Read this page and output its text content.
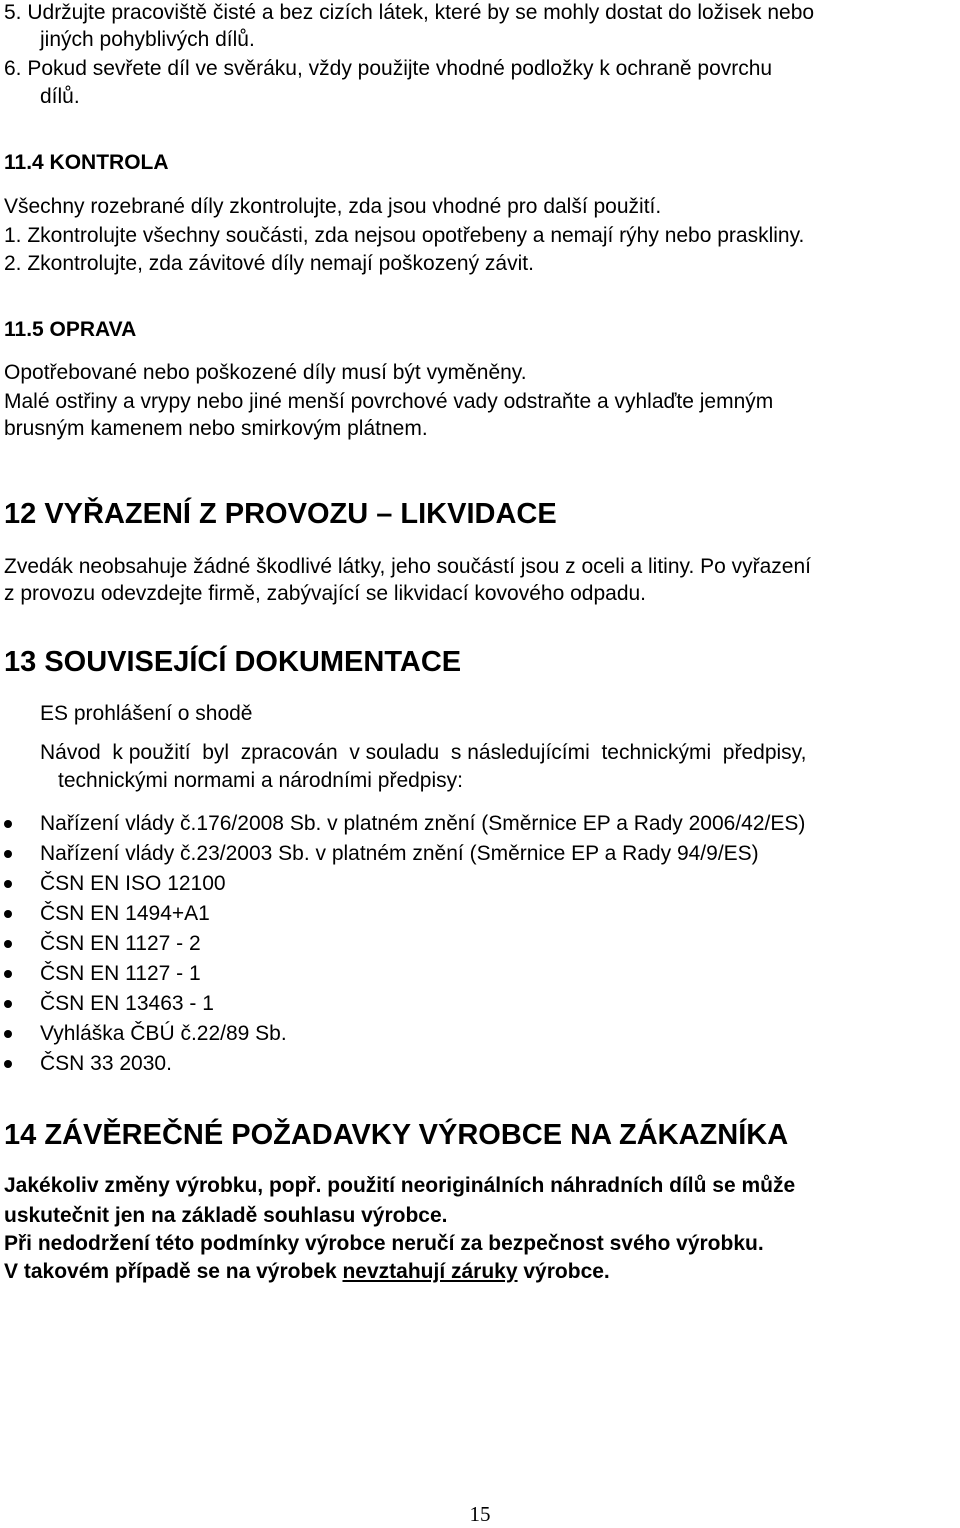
5. Udržujte pracoviště čisté a bez cizích látek, které by se mohly dostat do ložisek nebo
jiných pohyblivých dílů.
6. Pokud sevřete díl ve svěráku, vždy použijte vhodné podložky k ochraně povrchu
dílů.
11.4 KONTROLA
Všechny rozebrané díly zkontrolujte, zda jsou vhodné pro další použití.
1. Zkontrolujte všechny součásti, zda nejsou opotřebeny a nemají rýhy nebo praskliny.
2. Zkontrolujte, zda závitové díly nemají poškozený závit.
11.5 OPRAVA
Opotřebované nebo poškozené díly musí být vyměněny.
Malé ostřiny a vrypy nebo jiné menší povrchové vady odstraňte a vyhlaďte jemným
brusným kamenem nebo smirkovým plátnem.
12 VYŘAZENÍ Z PROVOZU – LIKVIDACE
Zvedák neobsahuje žádné škodlivé látky, jeho součástí jsou z oceli a litiny. Po vyřazení
z provozu odevzdejte firmě, zabývající se likvidací kovového odpadu.
13 SOUVISEJÍCÍ DOKUMENTACE
ES prohlášení o shodě
Návod  k použití  byl  zpracován  v souladu  s následujícími  technickými  předpisy,
technickými normami a národními předpisy:
Nařízení vlády č.176/2008 Sb. v platném znění (Směrnice EP a Rady 2006/42/ES)
Nařízení vlády č.23/2003 Sb. v platném znění (Směrnice EP a Rady 94/9/ES)
ČSN EN ISO 12100
ČSN EN 1494+A1
ČSN EN 1127 - 2
ČSN EN 1127 - 1
ČSN EN 13463 - 1
Vyhláška ČBÚ č.22/89 Sb.
ČSN 33 2030.
14 ZÁVĚREČNÉ POŽADAVKY VÝROBCE NA ZÁKAZNÍKA
Jakékoliv změny výrobku, popř. použití neoriginálních náhradních dílů se může
uskutečnit jen na základě souhlasu výrobce.
Při nedodržení této podmínky výrobce neručí za bezpečnost svého výrobku.
V takovém případě se na výrobek nevztahují záruky výrobce.
15
